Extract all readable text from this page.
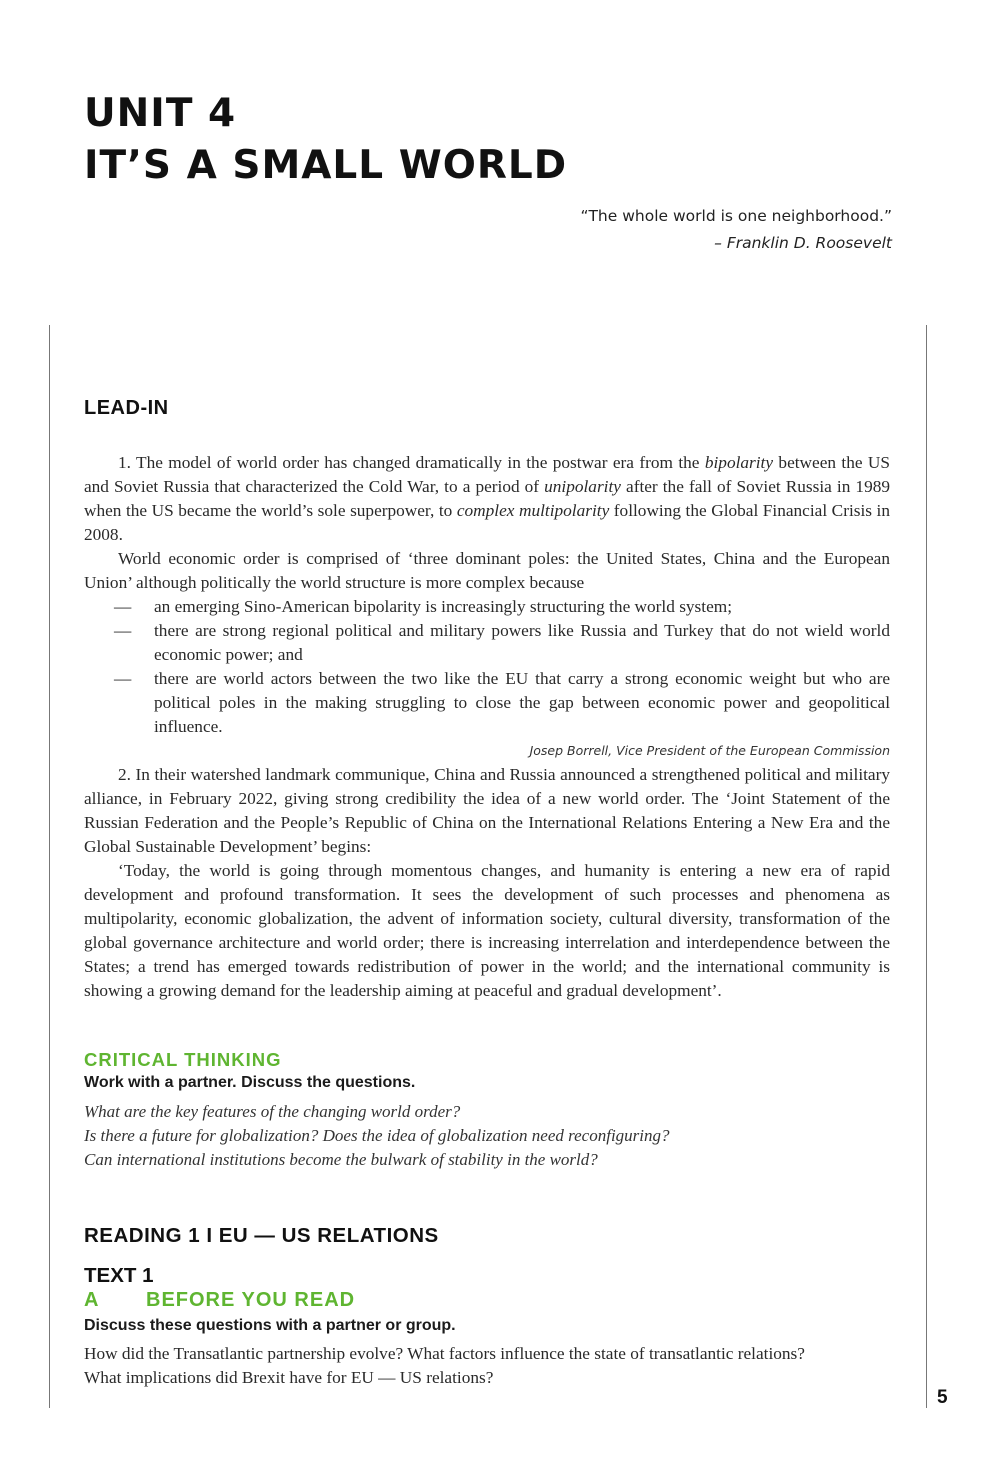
UNIT 4
IT’S A SMALL WORLD
“The whole world is one neighborhood.”
– Franklin D. Roosevelt
LEAD-IN

1. The model of world order has changed dramatically in the postwar era from the bipolarity between the US and Soviet Russia that characterized the Cold War, to a period of unipolarity after the fall of Soviet Russia in 1989 when the US became the world’s sole superpower, to complex multipolarity following the Global Financial Crisis in 2008.

World economic order is comprised of ‘three dominant poles: the United States, China and the European Union’ although politically the world structure is more complex because

— an emerging Sino-American bipolarity is increasingly structuring the world system;
— there are strong regional political and military powers like Russia and Turkey that do not wield world economic power; and
— there are world actors between the two like the EU that carry a strong economic weight but who are political poles in the making struggling to close the gap between economic power and geopolitical influence.
Josep Borrell, Vice President of the European Commission

2. In their watershed landmark communique, China and Russia announced a strengthened political and military alliance, in February 2022, giving strong credibility the idea of a new world order. The ‘Joint Statement of the Russian Federation and the People’s Republic of China on the International Relations Entering a New Era and the Global Sustainable Development’ begins:

‘Today, the world is going through momentous changes, and humanity is entering a new era of rapid development and profound transformation. It sees the development of such processes and phenomena as multipolarity, economic globalization, the advent of information society, cultural diversity, transformation of the global governance architecture and world order; there is increasing interrelation and interdependence between the States; a trend has emerged towards redistribution of power in the world; and the international community is showing a growing demand for the leadership aiming at peaceful and gradual development’.

CRITICAL THINKING
Work with a partner. Discuss the questions.
What are the key features of the changing world order?
Is there a future for globalization? Does the idea of globalization need reconfiguring?
Can international institutions become the bulwark of stability in the world?
READING 1 I EU — US RELATIONS
TEXT 1
A BEFORE YOU READ
Discuss these questions with a partner or group.
How did the Transatlantic partnership evolve? What factors influence the state of transatlantic relations? What implications did Brexit have for EU — US relations?
5
